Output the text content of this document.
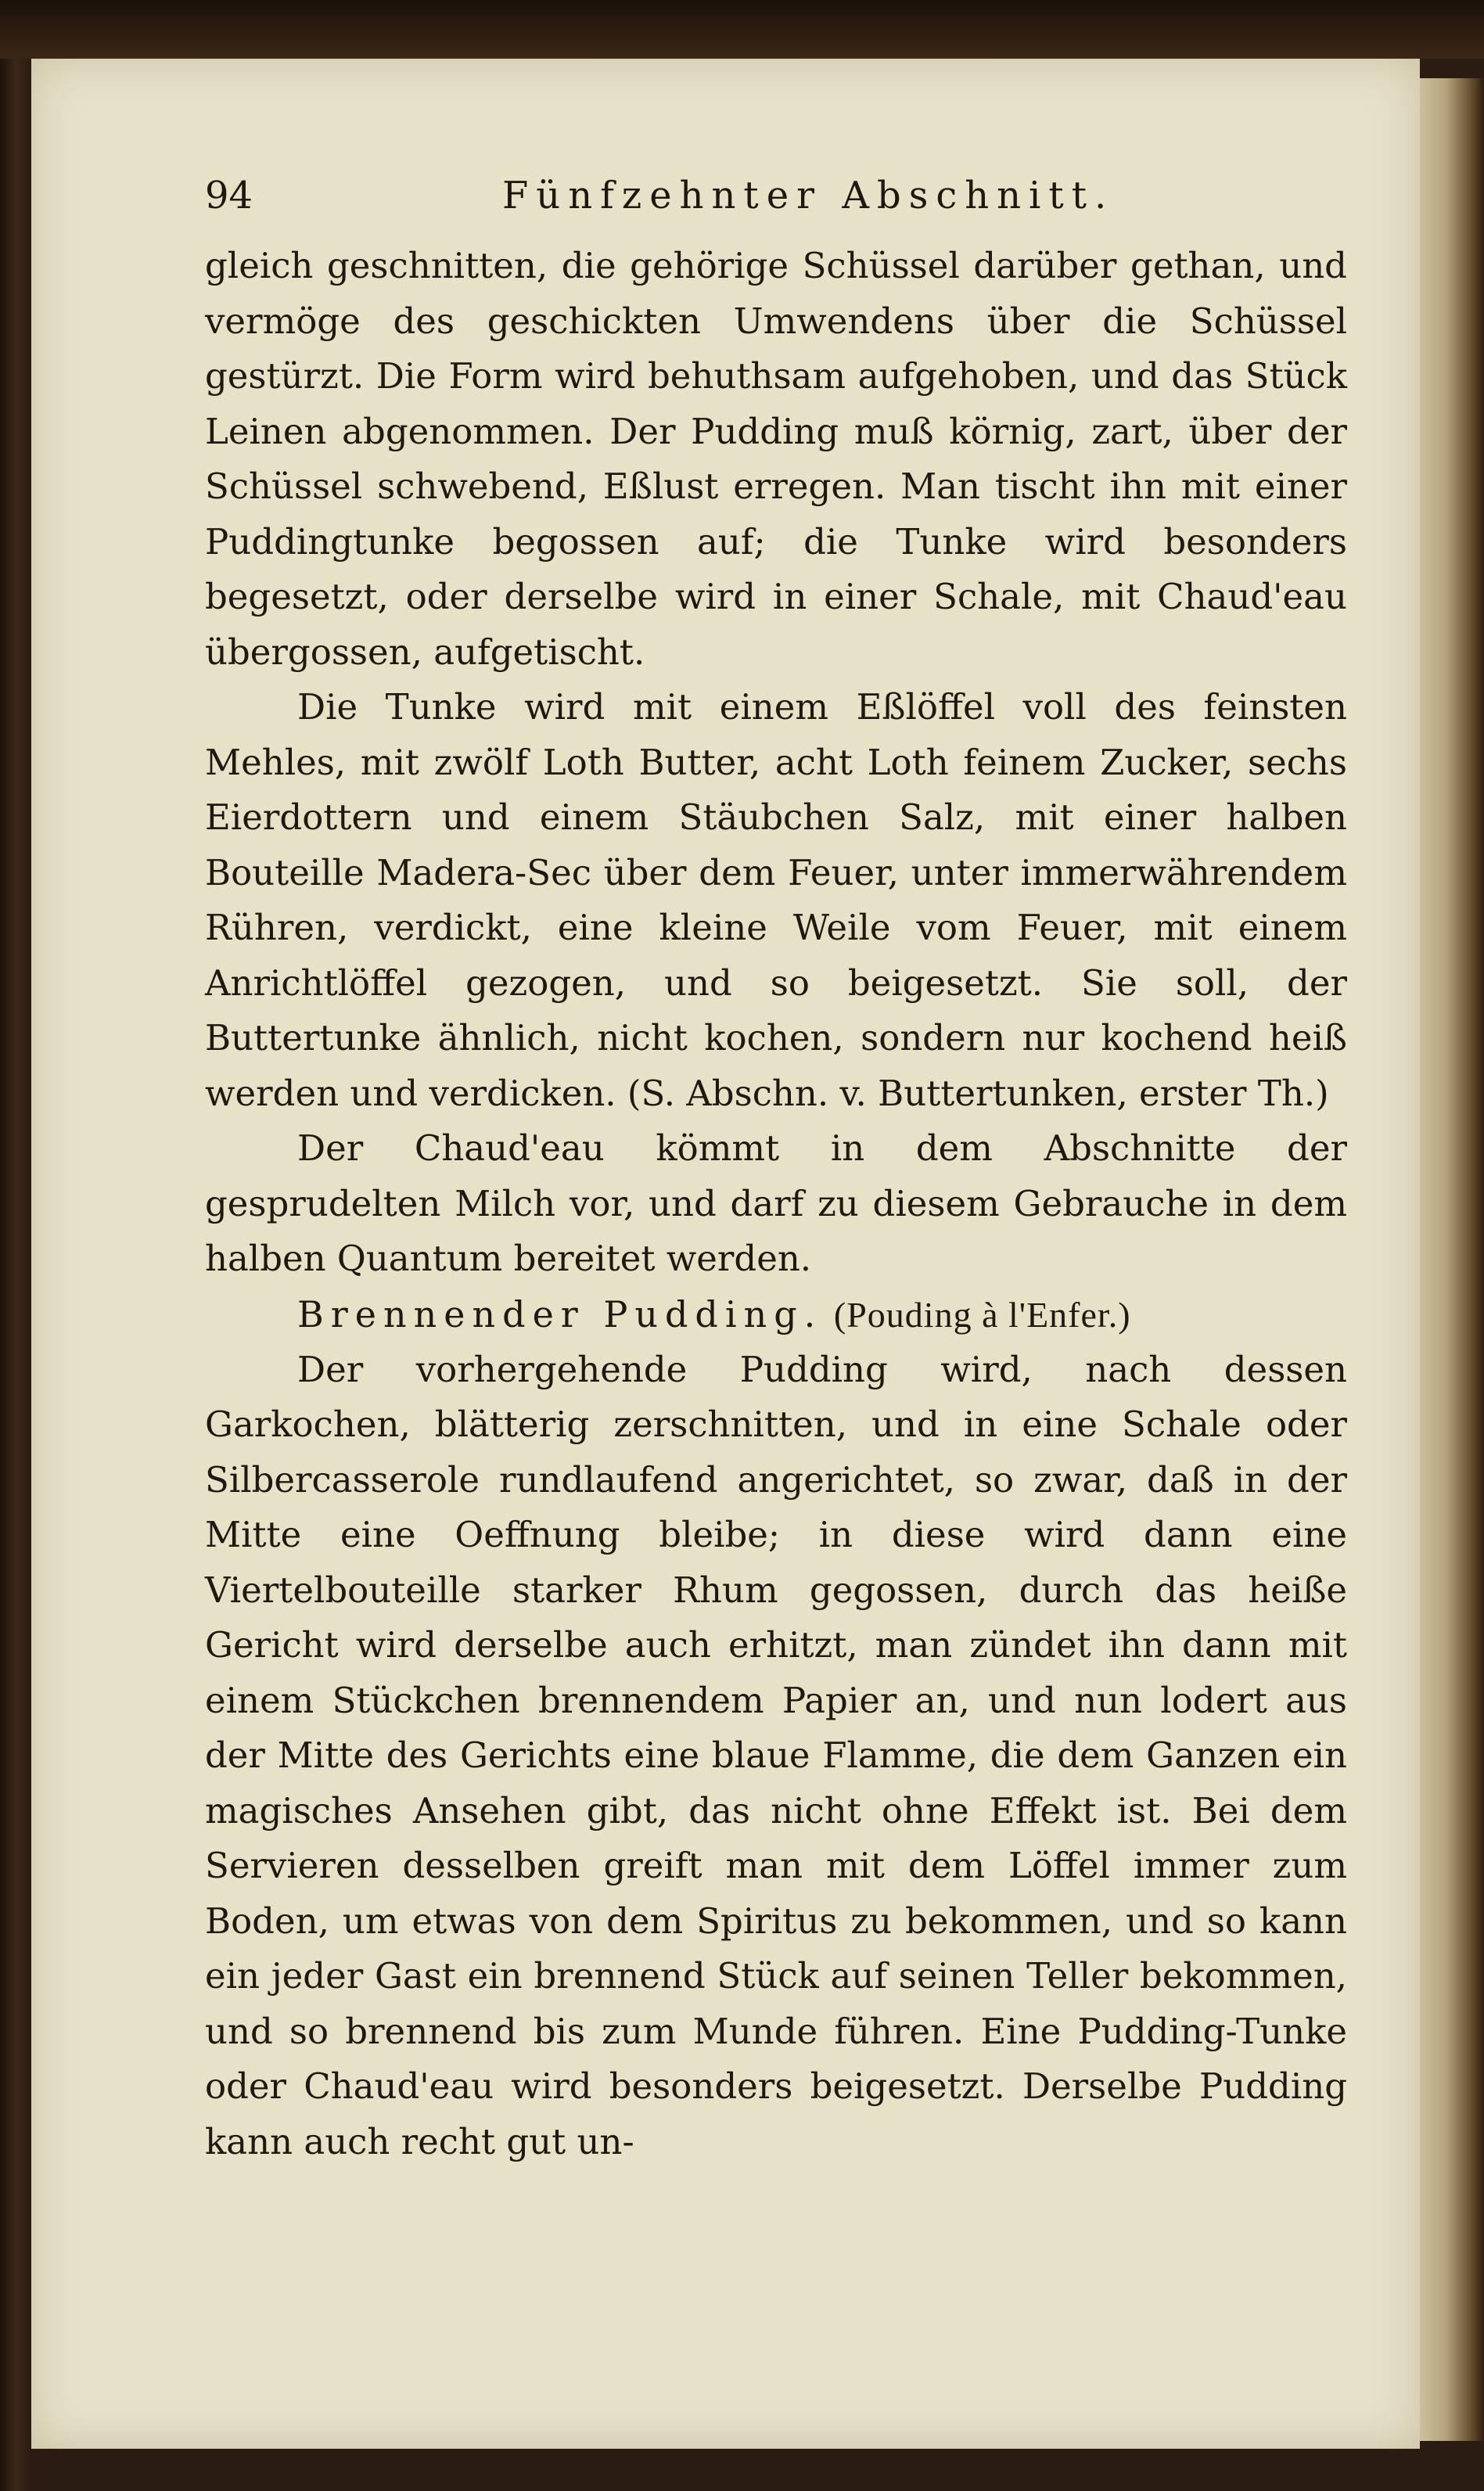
94	Fünfzehnter Abschnitt.

gleich geschnitten, die gehörige Schüssel darüber gethan, und vermöge des geschickten Umwendens über die Schüssel gestürzt. Die Form wird behuthsam aufgehoben, und das Stück Leinen abgenommen. Der Pudding muß körnig, zart, über der Schüssel schwebend, Eßlust erregen. Man tischt ihn mit einer Puddingtunke begossen auf; die Tunke wird besonders begesetzt, oder derselbe wird in einer Schale, mit Chaud'eau übergossen, aufgetischt.

Die Tunke wird mit einem Eßlöffel voll des feinsten Mehles, mit zwölf Loth Butter, acht Loth feinem Zucker, sechs Eierdottern und einem Stäubchen Salz, mit einer halben Bouteille Madera-Sec über dem Feuer, unter immerwährendem Rühren, verdickt, eine kleine Weile vom Feuer, mit einem Anrichtlöffel gezogen, und so beigesetzt. Sie soll, der Buttertunke ähnlich, nicht kochen, sondern nur kochend heiß werden und verdicken. (S. Abschn. v. Buttertunken, erster Th.)

Der Chaud'eau kömmt in dem Abschnitte der gesprudelten Milch vor, und darf zu diesem Gebrauche in dem halben Quantum bereitet werden.

Brennender Pudding. (Pouding à l'Enfer.)

Der vorhergehende Pudding wird, nach dessen Garkochen, blätterig zerschnitten, und in eine Schale oder Silbercasserole rundlaufend angerichtet, so zwar, daß in der Mitte eine Oeffnung bleibe; in diese wird dann eine Viertelbouteille starker Rhum gegossen, durch das heiße Gericht wird derselbe auch erhitzt, man zündet ihn dann mit einem Stückchen brennendem Papier an, und nun lodert aus der Mitte des Gerichts eine blaue Flamme, die dem Ganzen ein magisches Ansehen gibt, das nicht ohne Effekt ist. Bei dem Servieren desselben greift man mit dem Löffel immer zum Boden, um etwas von dem Spiritus zu bekommen, und so kann ein jeder Gast ein brennend Stück auf seinen Teller bekommen, und so brennend bis zum Munde führen. Eine Pudding-Tunke oder Chaud'eau wird besonders beigesetzt. Derselbe Pudding kann auch recht gut un-
